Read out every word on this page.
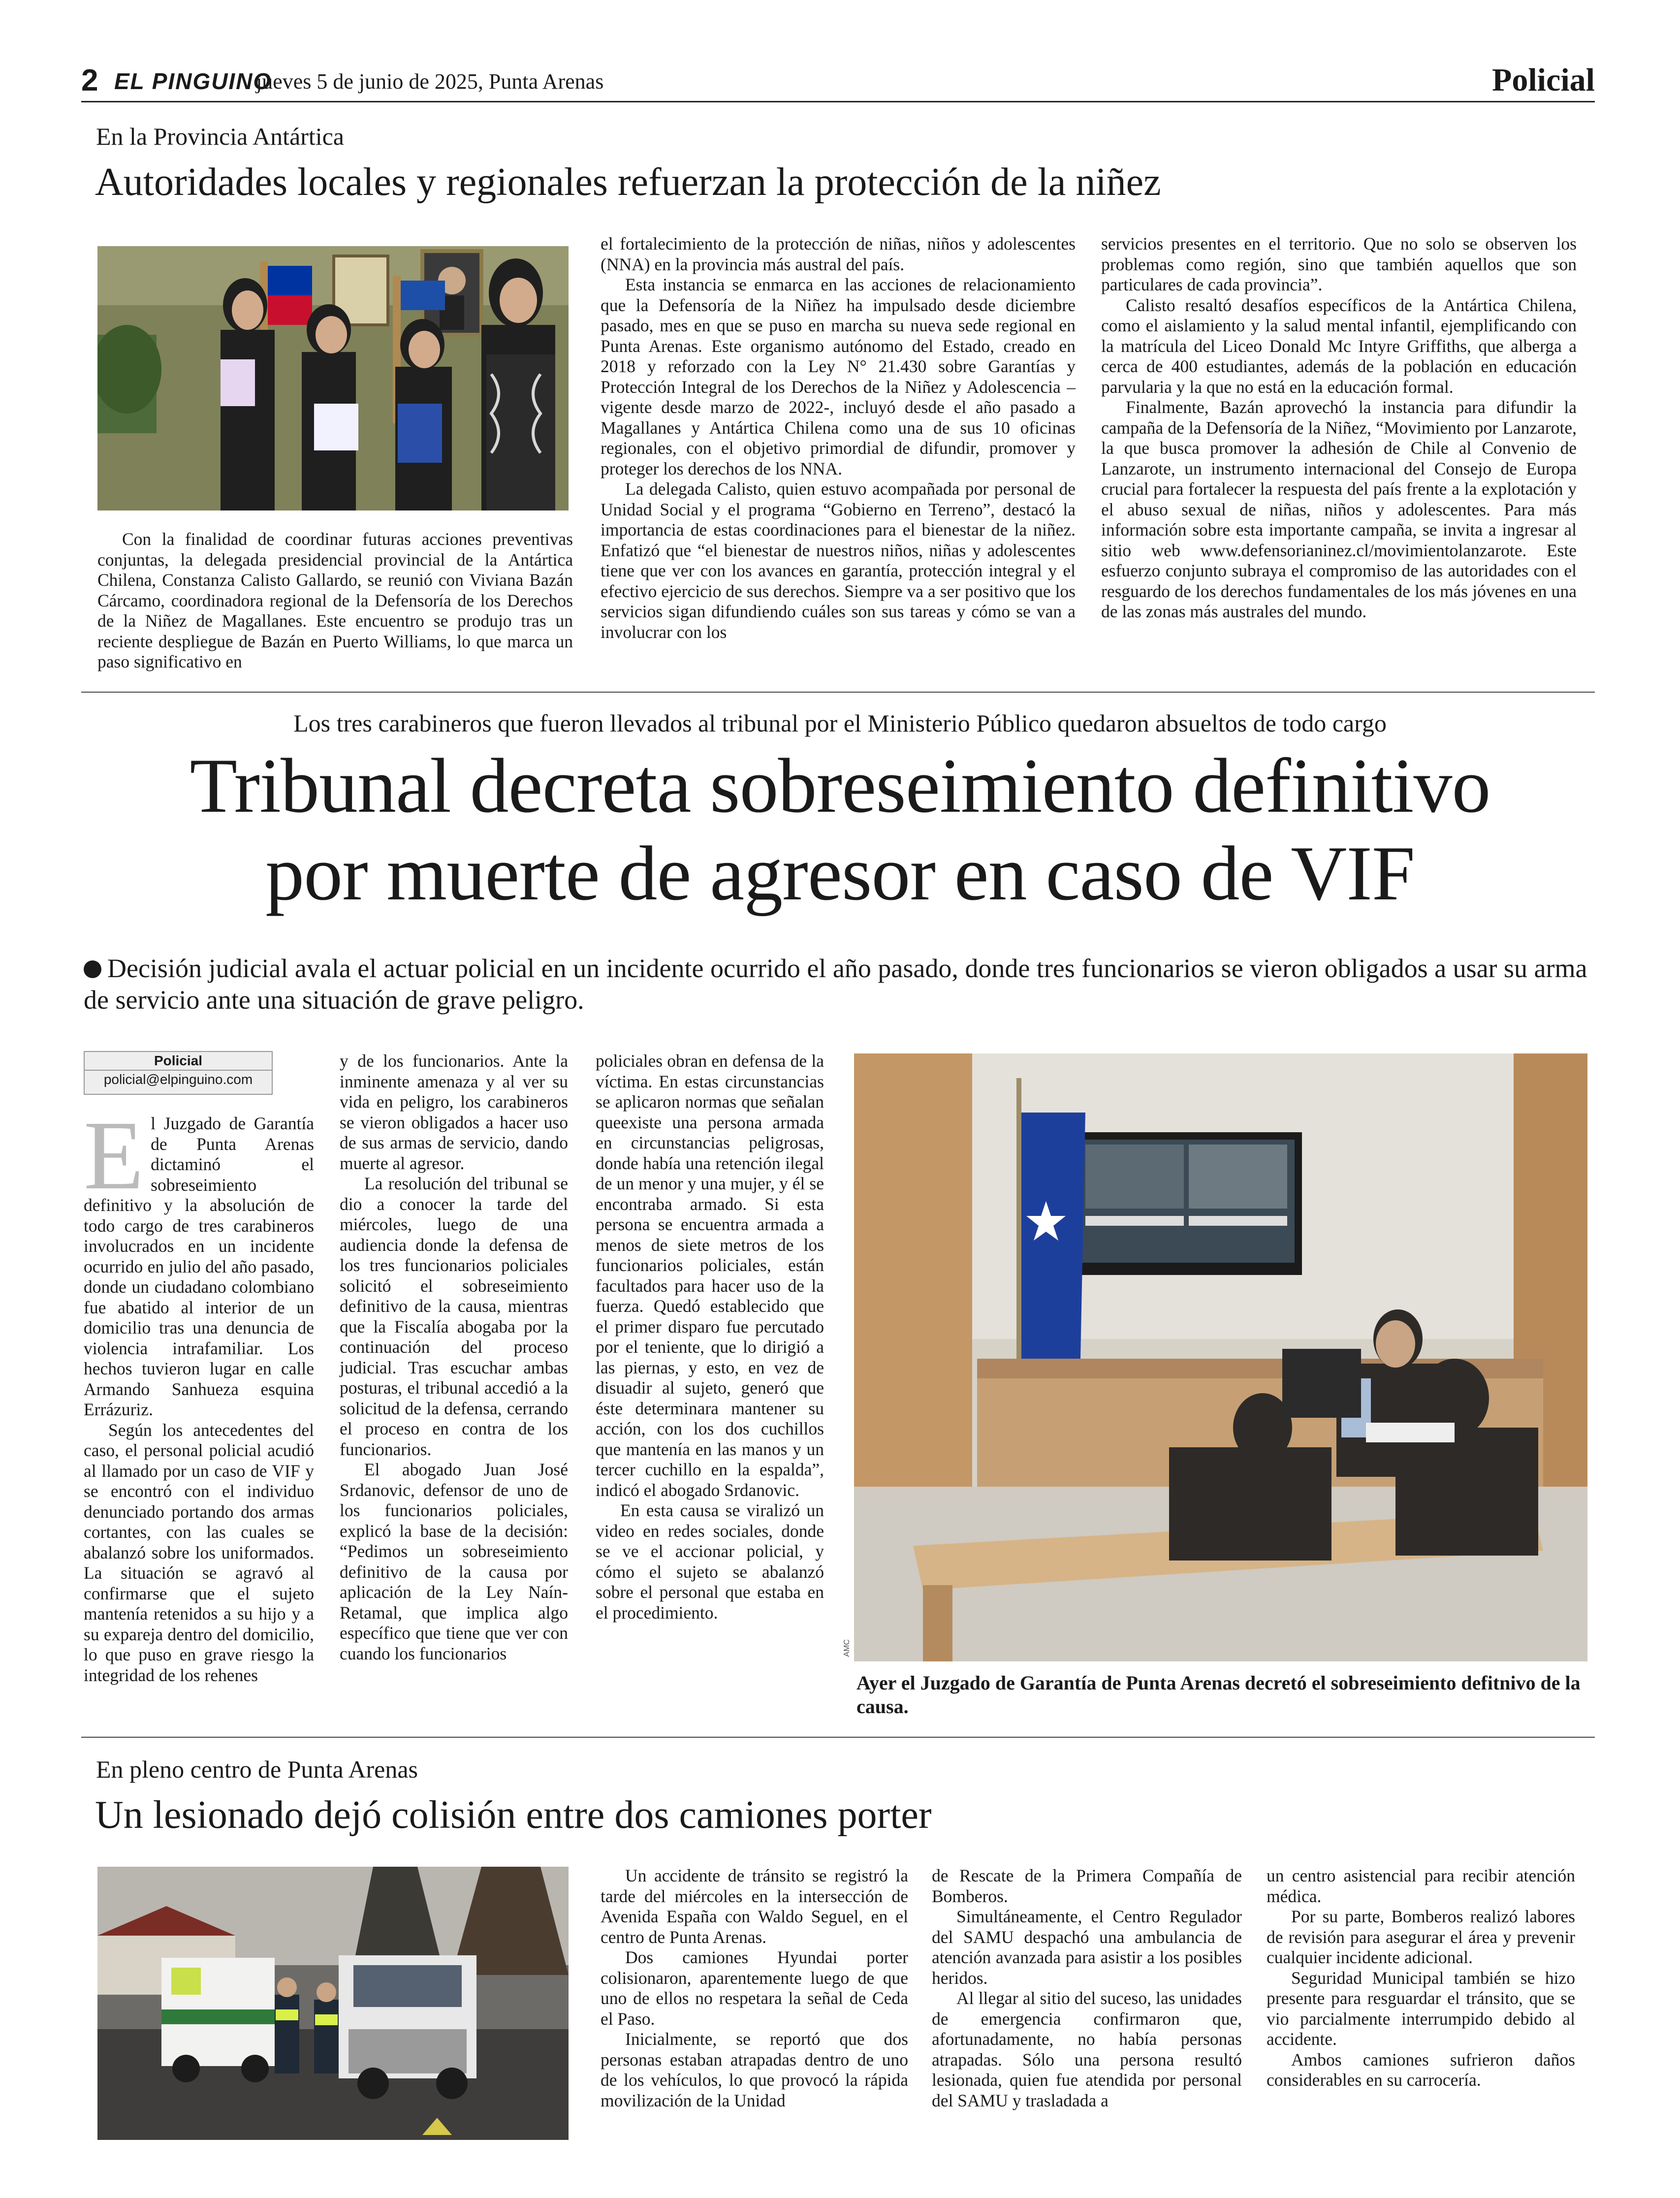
2 EL PINGUINO
jueves 5 de junio de 2025, Punta Arenas	Policial
En la Provincia Antártica
Autoridades locales y regionales refuerzan la protección de la niñez

Con la finalidad de coordinar futuras acciones preventivas conjuntas, la delegada presidencial provincial de la Antártica Chilena, Constanza Calisto Gallardo, se reunió con Viviana Bazán Cárcamo, coordinadora regional de la Defensoría de los Derechos de la Niñez de Magallanes. Este encuentro se produjo tras un reciente despliegue de Bazán en Puerto Williams, lo que marca un paso significativo en

el fortalecimiento de la protección de niñas, niños y adolescentes (NNA) en la provincia más austral del país.

Esta instancia se enmarca en las acciones de relacionamiento que la Defensoría de la Niñez ha impulsado desde diciembre pasado, mes en que se puso en marcha su nueva sede regional en Punta Arenas. Este organismo autónomo del Estado, creado en 2018 y reforzado con la Ley N° 21.430 sobre Garantías y Protección Integral de los Derechos de la Niñez y Adolescencia –vigente desde marzo de 2022-, incluyó desde el año pasado a Magallanes y Antártica Chilena como una de sus 10 oficinas regionales, con el objetivo primordial de difundir, promover y proteger los derechos de los NNA.

La delegada Calisto, quien estuvo acompañada por personal de Unidad Social y el programa “Gobierno en Terreno”, destacó la importancia de estas coordinaciones para el bienestar de la niñez. Enfatizó que “el bienestar de nuestros niños, niñas y adolescentes tiene que ver con los avances en garantía, protección integral y el efectivo ejercicio de sus derechos. Siempre va a ser positivo que los servicios sigan difundiendo cuáles son sus tareas y cómo se van a involucrar con los

servicios presentes en el territorio. Que no solo se observen los problemas como región, sino que también aquellos que son particulares de cada provincia”.

Calisto resaltó desafíos específicos de la Antártica Chilena, como el aislamiento y la salud mental infantil, ejemplificando con la matrícula del Liceo Donald Mc Intyre Griffiths, que alberga a cerca de 400 estudiantes, además de la población en educación parvularia y la que no está en la educación formal.

Finalmente, Bazán aprovechó la instancia para difundir la campaña de la Defensoría de la Niñez, “Movimiento por Lanzarote, la que busca promover la adhesión de Chile al Convenio de Lanzarote, un instrumento internacional del Consejo de Europa crucial para fortalecer la respuesta del país frente a la explotación y el abuso sexual de niñas, niños y adolescentes. Para más información sobre esta importante campaña, se invita a ingresar al sitio web www.defensorianinez.cl/movimientolanzarote. Este esfuerzo conjunto subraya el compromiso de las autoridades con el resguardo de los derechos fundamentales de los más jóvenes en una de las zonas más australes del mundo.

Los tres carabineros que fueron llevados al tribunal por el Ministerio Público quedaron absueltos de todo cargo
Tribunal decreta sobreseimiento definitivo
por muerte de agresor en caso de VIF
Decisión judicial avala el actuar policial en un incidente ocurrido el año pasado, donde tres funcionarios se vieron obligados a usar su arma de servicio ante una situación de grave peligro.
Policial
policial@elpinguino.com
E l Juzgado de Garantía de Punta Arenas dictaminó el sobreseimiento definitivo y la absolución de todo cargo de tres carabineros involucrados en un incidente ocurrido en julio del año pasado, donde un ciudadano colombiano fue abatido al interior de un domicilio tras una denuncia de violencia intrafamiliar. Los hechos tuvieron lugar en calle Armando Sanhueza esquina Errázuriz.

Según los antecedentes del caso, el personal policial acudió al llamado por un caso de VIF y se encontró con el individuo denunciado portando dos armas cortantes, con las cuales se abalanzó sobre los uniformados. La situación se agravó al confirmarse que el sujeto mantenía retenidos a su hijo y a su expareja dentro del domicilio, lo que puso en grave riesgo la integridad de los rehenes

y de los funcionarios. Ante la inminente amenaza y al ver su vida en peligro, los carabineros se vieron obligados a hacer uso de sus armas de servicio, dando muerte al agresor.

La resolución del tribunal se dio a conocer la tarde del miércoles, luego de una audiencia donde la defensa de los tres funcionarios policiales solicitó el sobreseimiento definitivo de la causa, mientras que la Fiscalía abogaba por la continuación del proceso judicial. Tras escuchar ambas posturas, el tribunal accedió a la solicitud de la defensa, cerrando el proceso en contra de los funcionarios.

El abogado Juan José Srdanovic, defensor de uno de los funcionarios policiales, explicó la base de la decisión: “Pedimos un sobreseimiento definitivo de la causa por aplicación de la Ley Naín-Retamal, que implica algo específico que tiene que ver con cuando los funcionarios

policiales obran en defensa de la víctima. En estas circunstancias se aplicaron normas que señalan queexiste una persona armada en circunstancias peligrosas, donde había una retención ilegal de un menor y una mujer, y él se encontraba armado. Si esta persona se encuentra armada a menos de siete metros de los funcionarios policiales, están facultados para hacer uso de la fuerza. Quedó establecido que el primer disparo fue percutado por el teniente, que lo dirigió a las piernas, y esto, en vez de disuadir al sujeto, generó que éste determinara mantener su acción, con los dos cuchillos que mantenía en las manos y un tercer cuchillo en la espalda”, indicó el abogado Srdanovic.

En esta causa se viralizó un video en redes sociales, donde se ve el accionar policial, y cómo el sujeto se abalanzó sobre el personal que estaba en el procedimiento.

AMC
Ayer el Juzgado de Garantía de Punta Arenas decretó el sobreseimiento defitnivo de la causa.
En pleno centro de Punta Arenas
Un lesionado dejó colisión entre dos camiones porter

Un accidente de tránsito se registró la tarde del miércoles en la intersección de Avenida España con Waldo Seguel, en el centro de Punta Arenas.

Dos camiones Hyundai porter colisionaron, aparentemente luego de que uno de ellos no respetara la señal de Ceda el Paso.

Inicialmente, se reportó que dos personas estaban atrapadas dentro de uno de los vehículos, lo que provocó la rápida movilización de la Unidad

de Rescate de la Primera Compañía de Bomberos.

Simultáneamente, el Centro Regulador del SAMU despachó una ambulancia de atención avanzada para asistir a los posibles heridos.

Al llegar al sitio del suceso, las unidades de emergencia confirmaron que, afortunadamente, no había personas atrapadas. Sólo una persona resultó lesionada, quien fue atendida por personal del SAMU y trasladada a

un centro asistencial para recibir atención médica.

Por su parte, Bomberos realizó labores de revisión para asegurar el área y prevenir cualquier incidente adicional.

Seguridad Municipal también se hizo presente para resguardar el tránsito, que se vio parcialmente interrumpido debido al accidente.

Ambos camiones sufrieron daños considerables en su carrocería.
